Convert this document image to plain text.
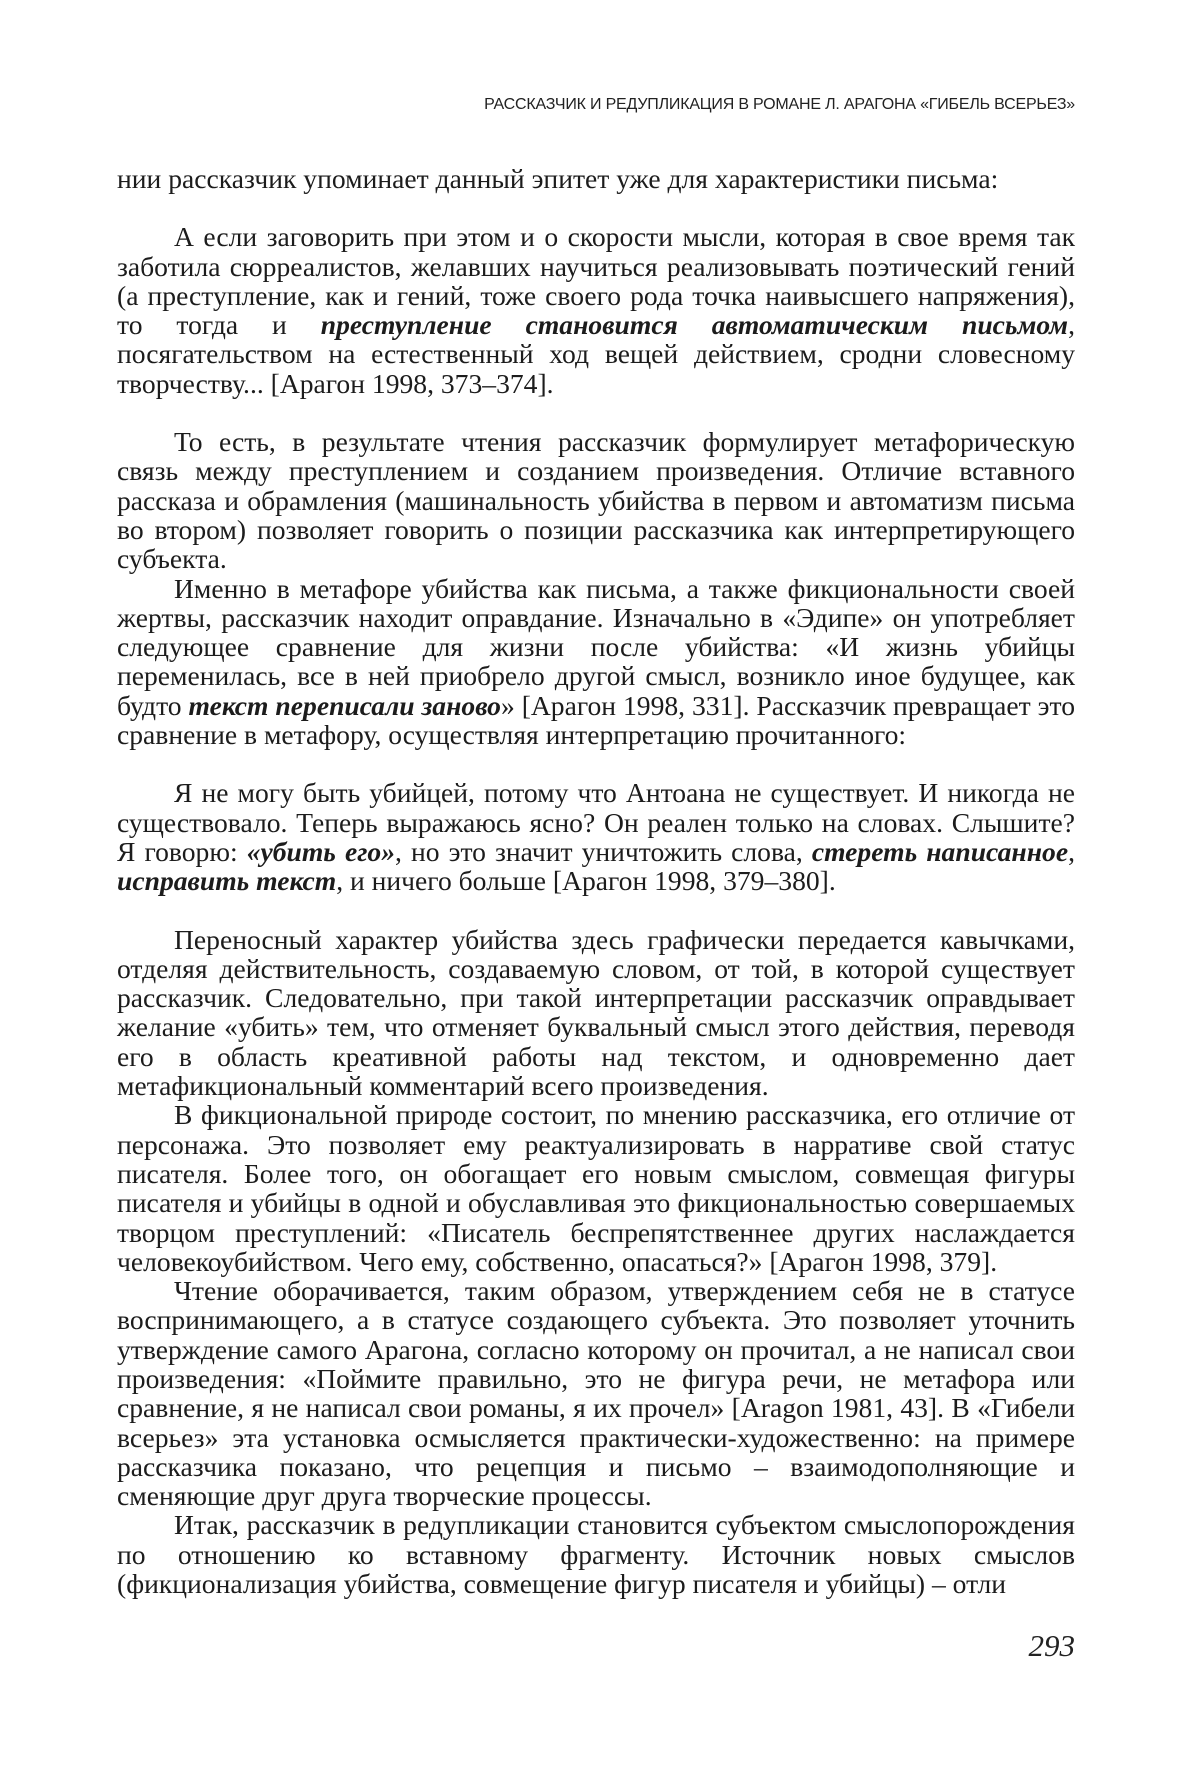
РАССКАЗЧИК И РЕДУПЛИКАЦИЯ В РОМАНЕ Л. АРАГОНА «ГИБЕЛЬ ВСЕРЬЕЗ»

нии рассказчик упоминает данный эпитет уже для характеристики письма:

А если заговорить при этом и о скорости мысли, которая в свое время так заботила сюрреалистов, желавших научиться реализовывать поэтический гений (а преступление, как и гений, тоже своего рода точка наивысшего напряжения), то тогда и преступление становится автоматическим письмом, посягательством на естественный ход вещей действием, сродни словесному творчеству... [Арагон 1998, 373–374].

То есть, в результате чтения рассказчик формулирует метафорическую связь между преступлением и созданием произведения. Отличие вставного рассказа и обрамления (машинальность убийства в первом и автоматизм письма во втором) позволяет говорить о позиции рассказчика как интерпретирующего субъекта.

Именно в метафоре убийства как письма, а также фикциональности своей жертвы, рассказчик находит оправдание. Изначально в «Эдипе» он употребляет следующее сравнение для жизни после убийства: «И жизнь убийцы переменилась, все в ней приобрело другой смысл, возникло иное будущее, как будто текст переписали заново» [Арагон 1998, 331]. Рассказчик превращает это сравнение в метафору, осуществляя интерпретацию прочитанного:

Я не могу быть убийцей, потому что Антоана не существует. И никогда не существовало. Теперь выражаюсь ясно? Он реален только на словах. Слышите? Я говорю: «убить его», но это значит уничтожить слова, стереть написанное, исправить текст, и ничего больше [Арагон 1998, 379–380].

Переносный характер убийства здесь графически передается кавычками, отделяя действительность, создаваемую словом, от той, в которой существует рассказчик. Следовательно, при такой интерпретации рассказчик оправдывает желание «убить» тем, что отменяет буквальный смысл этого действия, переводя его в область креативной работы над текстом, и одновременно дает метафикциональный комментарий всего произведения.

В фикциональной природе состоит, по мнению рассказчика, его отличие от персонажа. Это позволяет ему реактуализировать в нарративе свой статус писателя. Более того, он обогащает его новым смыслом, совмещая фигуры писателя и убийцы в одной и обуславливая это фикциональностью совершаемых творцом преступлений: «Писатель беспрепятственнее других наслаждается человекоубийством. Чего ему, собственно, опасаться?» [Арагон 1998, 379].

Чтение оборачивается, таким образом, утверждением себя не в статусе воспринимающего, а в статусе создающего субъекта. Это позволяет уточнить утверждение самого Арагона, согласно которому он прочитал, а не написал свои произведения: «Поймите правильно, это не фигура речи, не метафора или сравнение, я не написал свои романы, я их прочел» [Aragon 1981, 43]. В «Гибели всерьез» эта установка осмысляется практически-художественно: на примере рассказчика показано, что рецепция и письмо – взаимодополняющие и сменяющие друг друга творческие процессы.

Итак, рассказчик в редупликации становится субъектом смыслопорождения по отношению ко вставному фрагменту. Источник новых смыслов (фикционализация убийства, совмещение фигур писателя и убийцы) – отли

293
